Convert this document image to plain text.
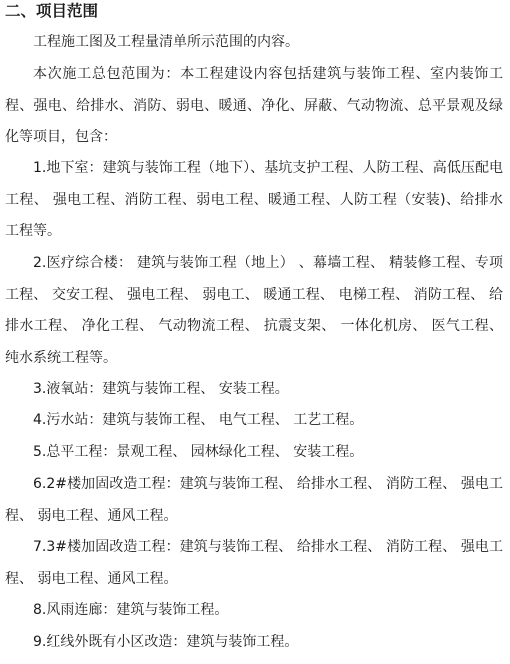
二、项目范围

工程施工图及工程量清单所示范围的内容。

本次施工总包范围为：本工程建设内容包括建筑与装饰工程、室内装饰工程、强电、给排水、消防、弱电、暖通、净化、屏蔽、气动物流、总平景观及绿化等项目，包含：

1.地下室：建筑与装饰工程（地下）、基坑支护工程、人防工程、高低压配电工程、 强电工程、消防工程、弱电工程、暖通工程、人防工程（安装)、给排水工程等。

2.医疗综合楼： 建筑与装饰工程（地上） 、幕墙工程、 精装修工程、专项工程、 交安工程、 强电工程、 弱电工、 暖通工程、 电梯工程、 消防工程、 给排水工程、 净化工程、 气动物流工程、 抗震支架、 一体化机房、 医气工程、 纯水系统工程等。

3.液氧站：建筑与装饰工程、 安装工程。

4.污水站：建筑与装饰工程、 电气工程、 工艺工程。

5.总平工程：景观工程、 园林绿化工程、 安装工程。

6.2#楼加固改造工程：建筑与装饰工程、 给排水工程、 消防工程、 强电工程、 弱电工程、通风工程。

7.3#楼加固改造工程：建筑与装饰工程、 给排水工程、 消防工程、 强电工程、 弱电工程、通风工程。

8.风雨连廊：建筑与装饰工程。

9.红线外既有小区改造：建筑与装饰工程。
